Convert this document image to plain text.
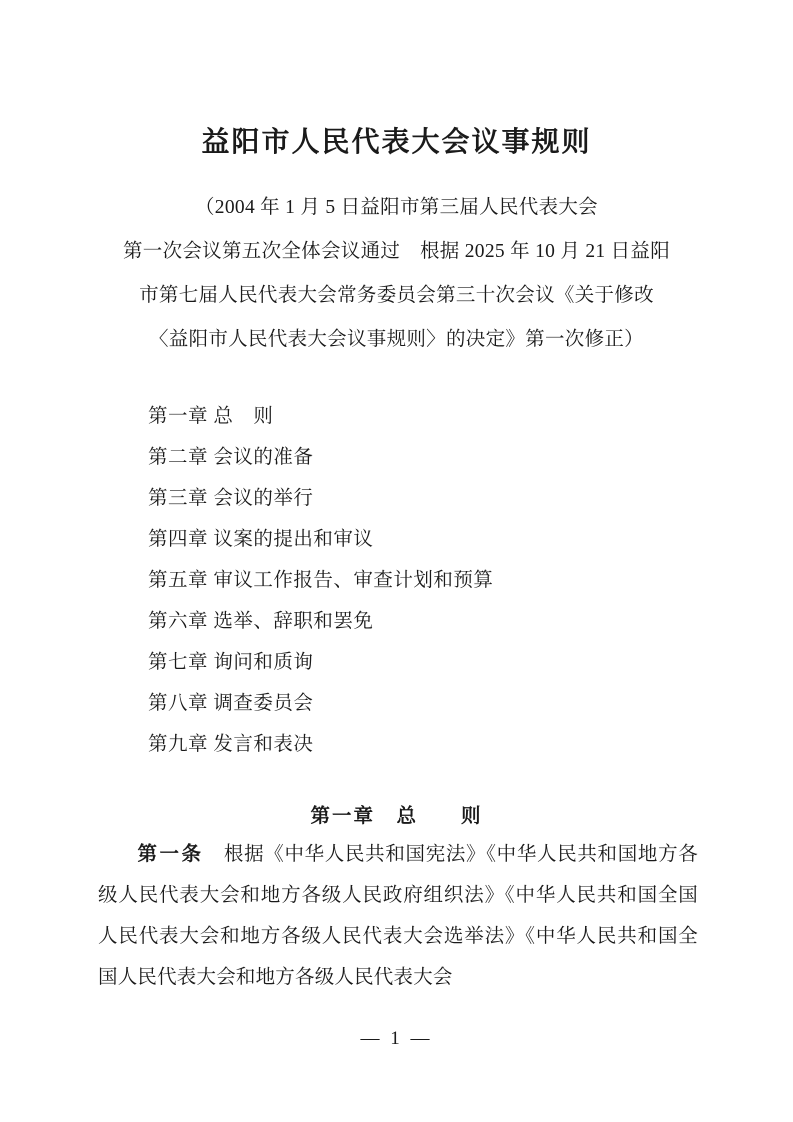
益阳市人民代表大会议事规则

（2004 年 1 月 5 日益阳市第三届人民代表大会

第一次会议第五次全体会议通过　根据 2025 年 10 月 21 日益阳

市第七届人民代表大会常务委员会第三十次会议《关于修改

〈益阳市人民代表大会议事规则〉的决定》第一次修正）

第一章 总　则
第二章 会议的准备
第三章 会议的举行
第四章 议案的提出和审议
第五章 审议工作报告、审查计划和预算
第六章 选举、辞职和罢免
第七章 询问和质询
第八章 调查委员会
第九章 发言和表决
第一章　总　　则

第一条 根据《中华人民共和国宪法》《中华人民共和国地方各级人民代表大会和地方各级人民政府组织法》《中华人民共和国全国人民代表大会和地方各级人民代表大会选举法》《中华人民共和国全国人民代表大会和地方各级人民代表大会

— 1 —
